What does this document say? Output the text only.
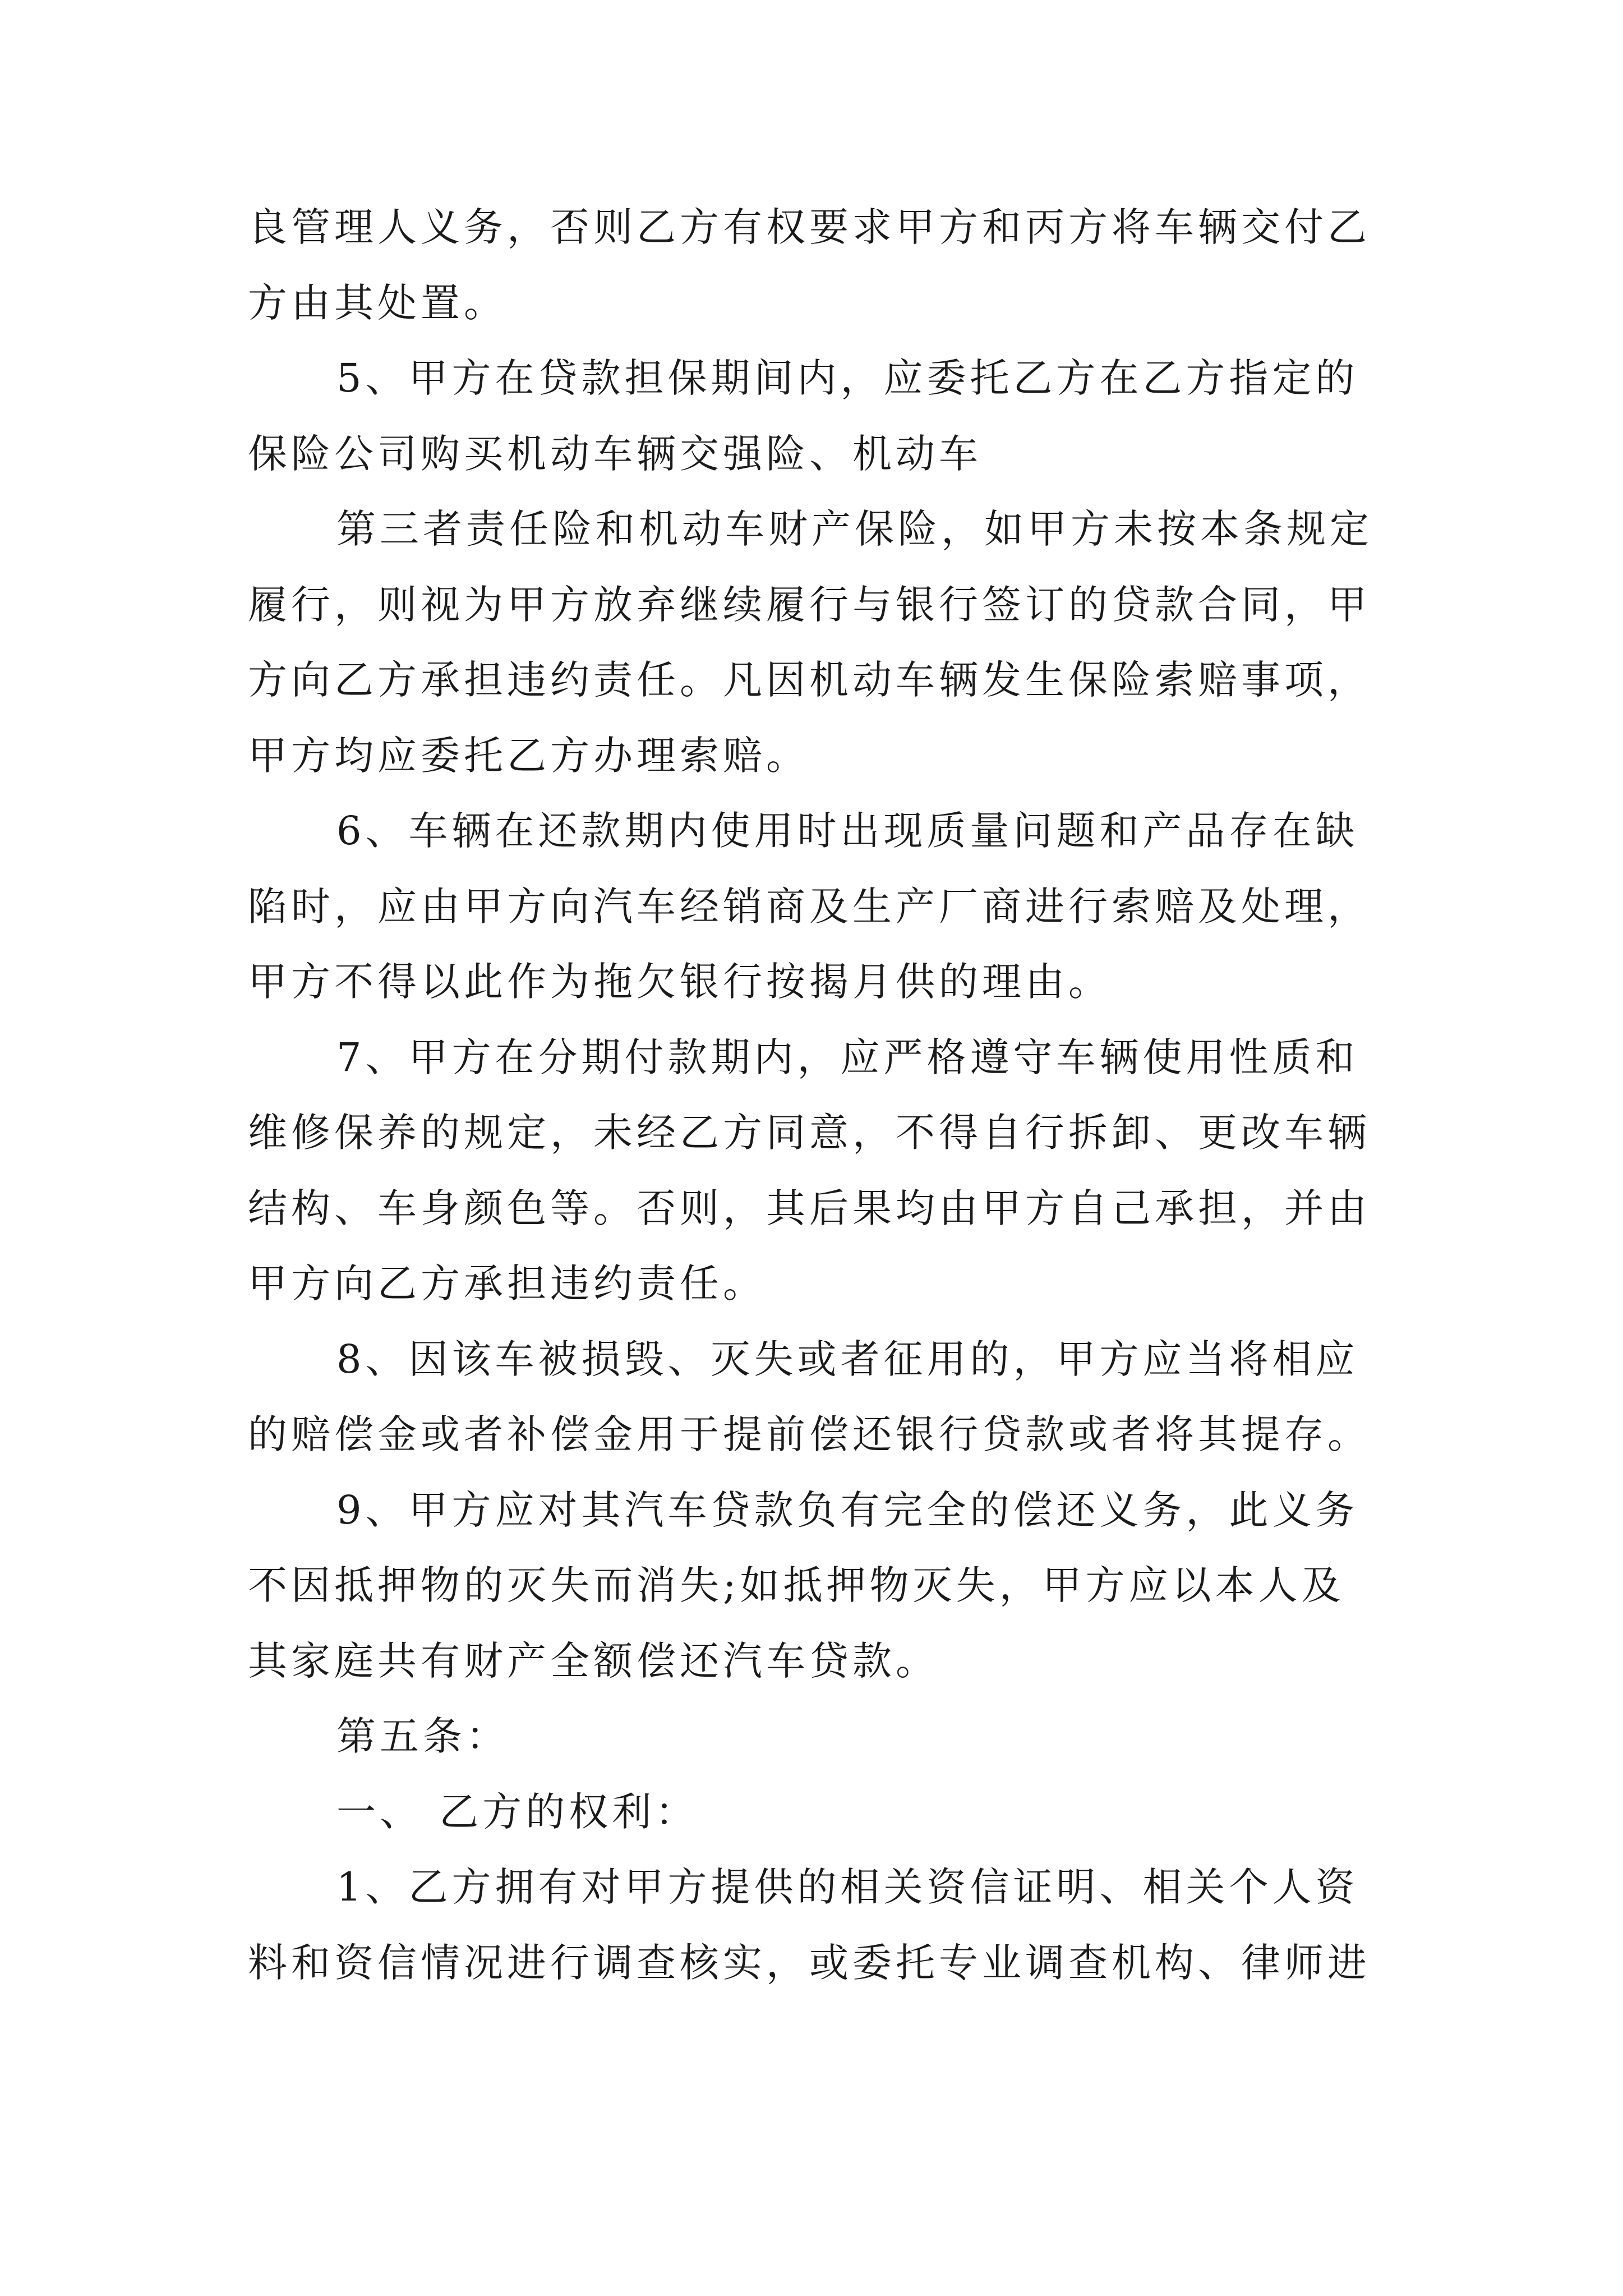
良管理人义务，否则乙方有权要求甲方和丙方将车辆交付乙
方由其处置。
5、甲方在贷款担保期间内，应委托乙方在乙方指定的
保险公司购买机动车辆交强险、机动车
第三者责任险和机动车财产保险，如甲方未按本条规定
履行，则视为甲方放弃继续履行与银行签订的贷款合同，甲
方向乙方承担违约责任。凡因机动车辆发生保险索赔事项，
甲方均应委托乙方办理索赔。
6、车辆在还款期内使用时出现质量问题和产品存在缺
陷时，应由甲方向汽车经销商及生产厂商进行索赔及处理，
甲方不得以此作为拖欠银行按揭月供的理由。
7、甲方在分期付款期内，应严格遵守车辆使用性质和
维修保养的规定，未经乙方同意，不得自行拆卸、更改车辆
结构、车身颜色等。否则，其后果均由甲方自己承担，并由
甲方向乙方承担违约责任。
8、因该车被损毁、灭失或者征用的，甲方应当将相应
的赔偿金或者补偿金用于提前偿还银行贷款或者将其提存。
9、甲方应对其汽车贷款负有完全的偿还义务，此义务
不因抵押物的灭失而消失;如抵押物灭失，甲方应以本人及
其家庭共有财产全额偿还汽车贷款。
第五条：
一、 乙方的权利：
1、乙方拥有对甲方提供的相关资信证明、相关个人资
料和资信情况进行调查核实，或委托专业调查机构、律师进
